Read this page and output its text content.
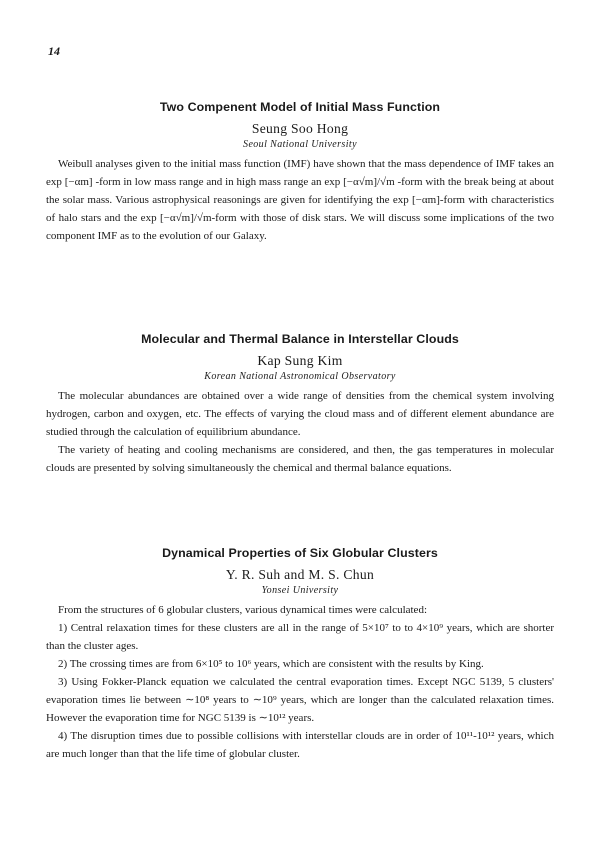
14
Two Compenent Model of Initial Mass Function
Seung Soo Hong
Seoul National University

Weibull analyses given to the initial mass function (IMF) have shown that the mass dependence of IMF takes an exp [−αm] -form in low mass range and in high mass range an exp [−α√m]/√m -form with the break being at about the solar mass. Various astrophysical reasonings are given for identifying the exp [−αm]-form with characteristics of halo stars and the exp [−α√m]/√m-form with those of disk stars. We will discuss some implications of the two component IMF as to the evolution of our Galaxy.

Molecular and Thermal Balance in Interstellar Clouds
Kap Sung Kim
Korean National Astronomical Observatory

The molecular abundances are obtained over a wide range of densities from the chemical system involving hydrogen, carbon and oxygen, etc. The effects of varying the cloud mass and of different element abundance are studied through the calculation of equilibrium abundance.

The variety of heating and cooling mechanisms are considered, and then, the gas temperatures in molecular clouds are presented by solving simultaneously the chemical and thermal balance equations.

Dynamical Properties of Six Globular Clusters
Y. R. Suh and M. S. Chun
Yonsei University

From the structures of 6 globular clusters, various dynamical times were calculated:

1) Central relaxation times for these clusters are all in the range of 5×10⁷ to to 4×10⁹ years, which are shorter than the cluster ages.

2) The crossing times are from 6×10⁵ to 10⁶ years, which are consistent with the results by King.

3) Using Fokker-Planck equation we calculated the central evaporation times. Except NGC 5139, 5 clusters' evaporation times lie between ∼10⁸ years to ∼10⁹ years, which are longer than the calculated relaxation times. However the evaporation time for NGC 5139 is ∼10¹² years.

4) The disruption times due to possible collisions with interstellar clouds are in order of 10¹¹-10¹² years, which are much longer than that the life time of globular cluster.
